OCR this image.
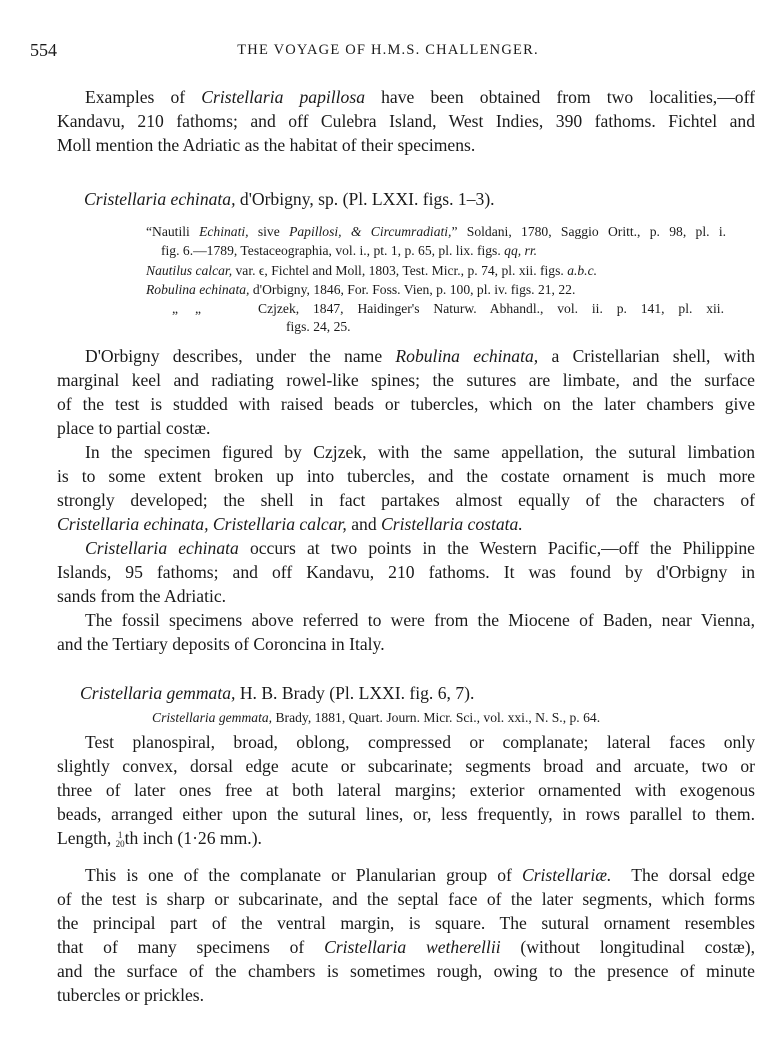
554	THE VOYAGE OF H.M.S. CHALLENGER.
Examples of Cristellaria papillosa have been obtained from two localities,—off
Kandavu, 210 fathoms; and off Culebra Island, West Indies, 390 fathoms. Fichtel and
Moll mention the Adriatic as the habitat of their specimens.
Cristellaria echinata, d'Orbigny, sp. (Pl. LXXI. figs. 1–3).
“Nautili Echinati, sive Papillosi, & Circumradiati,” Soldani, 1780, Saggio Oritt., p. 98, pl. i.
fig. 6.—1789, Testaceographia, vol. i., pt. 1, p. 65, pl. lix. figs. qq, rr.
Nautilus calcar, var. ϵ, Fichtel and Moll, 1803, Test. Micr., p. 74, pl. xii. figs. a.b.c.
Robulina echinata, d'Orbigny, 1846, For. Foss. Vien, p. 100, pl. iv. figs. 21, 22.
„     „	Czjzek, 1847, Haidinger's Naturw. Abhandl., vol. ii. p. 141, pl. xii.
figs. 24, 25.
D'Orbigny describes, under the name Robulina echinata, a Cristellarian shell, with
marginal keel and radiating rowel-like spines; the sutures are limbate, and the surface
of the test is studded with raised beads or tubercles, which on the later chambers give
place to partial costæ.
In the specimen figured by Czjzek, with the same appellation, the sutural limbation
is to some extent broken up into tubercles, and the costate ornament is much more
strongly developed; the shell in fact partakes almost equally of the characters of
Cristellaria echinata, Cristellaria calcar, and Cristellaria costata.
Cristellaria echinata occurs at two points in the Western Pacific,—off the Philippine
Islands, 95 fathoms; and off Kandavu, 210 fathoms. It was found by d'Orbigny in
sands from the Adriatic.
The fossil specimens above referred to were from the Miocene of Baden, near Vienna,
and the Tertiary deposits of Coroncina in Italy.
Cristellaria gemmata, H. B. Brady (Pl. LXXI. fig. 6, 7).
Cristellaria gemmata, Brady, 1881, Quart. Journ. Micr. Sci., vol. xxi., N. S., p. 64.
Test planospiral, broad, oblong, compressed or complanate; lateral faces only
slightly convex, dorsal edge acute or subcarinate; segments broad and arcuate, two or
three of later ones free at both lateral margins; exterior ornamented with exogenous
beads, arranged either upon the sutural lines, or, less frequently, in rows parallel to them.
Length, 1
20 th inch (1·26 mm.).
This is one of the complanate or Planularian group of Cristellariæ.  The dorsal edge
of the test is sharp or subcarinate, and the septal face of the later segments, which forms
the principal part of the ventral margin, is square. The sutural ornament resembles
that of many specimens of Cristellaria wetherellii (without longitudinal costæ),
and the surface of the chambers is sometimes rough, owing to the presence of minute
tubercles or prickles.
